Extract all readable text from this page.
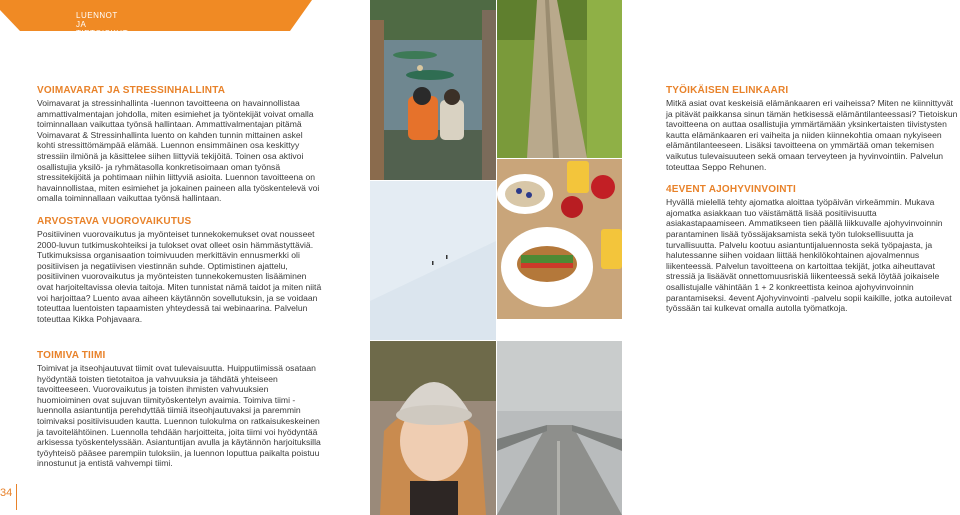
LUENNOT JA TIETOISKUT
VOIMAVARAT JA STRESSINHALLINTA

Voimavarat ja stressinhallinta -luennon tavoitteena on havainnollistaa ammattivalmentajan johdolla, miten esimiehet ja työntekijät voivat omalla toiminnallaan vaikuttaa työnsä hallintaan. Ammattivalmentajan pitämä Voimavarat & Stressinhallinta luento on kahden tunnin mittainen askel kohti stressittömämpää elämää. Luennon ensimmäinen osa keskittyy stressiin ilmiönä ja käsittelee siihen liittyviä tekijöitä. Toinen osa aktivoi osallistujia yksilö- ja ryhmätasolla konkretisoimaan oman työnsä stressitekijöitä ja pohtimaan niihin liittyviä asioita. Luennon tavoitteena on havainnollistaa, miten esimiehet ja jokainen paineen alla työskentelevä voi omalla toiminnallaan vaikuttaa työnsä hallintaan.

ARVOSTAVA VUOROVAIKUTUS

Positiivinen vuorovaikutus ja myönteiset tunnekokemukset ovat nousseet 2000-luvun tutkimuskohteiksi ja tulokset ovat olleet osin hämmästyttäviä. Tutkimuksissa organisaation toimivuuden merkittävin ennusmerkki oli positiivisen ja negatiivisen viestinnän suhde. Optimistinen ajattelu, positiivinen vuorovaikutus ja myönteisten tunnekokemusten lisääminen ovat harjoiteltavissa olevia taitoja. Miten tunnistat nämä taidot ja miten niitä voi harjoittaa? Luento avaa aiheen käytännön sovellutuksin, ja se voidaan toteuttaa luentoisten tapaamisten yhteydessä tai webinaarina. Palvelun toteuttaa Kikka Pohjavaara.

TOIMIVA TIIMI

Toimivat ja itseohjautuvat tiimit ovat tulevaisuutta. Huipputiimissä osataan hyödyntää toisten tietotaitoa ja vahvuuksia ja tähdätä yhteiseen tavoitteeseen. Vuorovaikutus ja toisten ihmisten vahvuuksien huomioiminen ovat sujuvan tiimityöskentelyn avaimia. Toimiva tiimi -luennolla asiantuntija perehdyttää tiimiä itseohjautuvaksi ja paremmin toimivaksi positiivisuuden kautta. Luennon tulokulma on ratkaisukeskeinen ja tavoitelähtöinen. Luennolla tehdään harjoitteita, joita tiimi voi hyödyntää arkisessa työskentelyssään. Asiantuntijan avulla ja käytännön harjoituksilla työyhteisö pääsee parempiin tuloksiin, ja luennon loputtua paikalta poistuu innostunut ja entistä vahvempi tiimi.

TYÖIKÄISEN ELINKAARI

Mitkä asiat ovat keskeisiä elämänkaaren eri vaiheissa? Miten ne kiinnittyvät ja pitävät paikkansa sinun tämän hetkisessä elämäntilanteessasi? Tietoiskun tavoitteena on auttaa osallistujia ymmärtämään yksinkertaisten tiivistysten kautta elämänkaaren eri vaiheita ja niiden kiinnekohtia omaan nykyiseen elämäntilanteeseen. Lisäksi tavoitteena on ymmärtää oman tekemisen vaikutus tulevaisuuteen sekä omaan terveyteen ja hyvinvointiin. Palvelun toteuttaa Seppo Rehunen.

4EVENT AJOHYVINVOINTI

Hyvällä mielellä tehty ajomatka aloittaa työpäivän virkeämmin. Mukava ajomatka asiakkaan tuo väistämättä lisää positiivisuutta asiakastapaamiseen. Ammatikseen tien päällä liikkuvalle ajohyvinvoinnin parantaminen lisää työssäjaksamista sekä työn tuloksellisuutta ja turvallisuutta. Palvelu kootuu asiantuntijaluennosta sekä työpajasta, ja halutessanne siihen voidaan liittää henkilökohtainen ajovalmennus liikenteessä. Palvelun tavoitteena on kartoittaa tekijät, jotka aiheuttavat stressiä ja lisäävät onnettomuusriskiä liikenteessä sekä löytää joikaisele osallistujalle vähintään 1 + 2 konkreettista keinoa ajohyvinvoinnin parantamiseksi. 4event Ajohyvinvointi -palvelu sopii kaikille, jotka autoilevat työssään tai kulkevat omalla autolla työmatkoja.

34
